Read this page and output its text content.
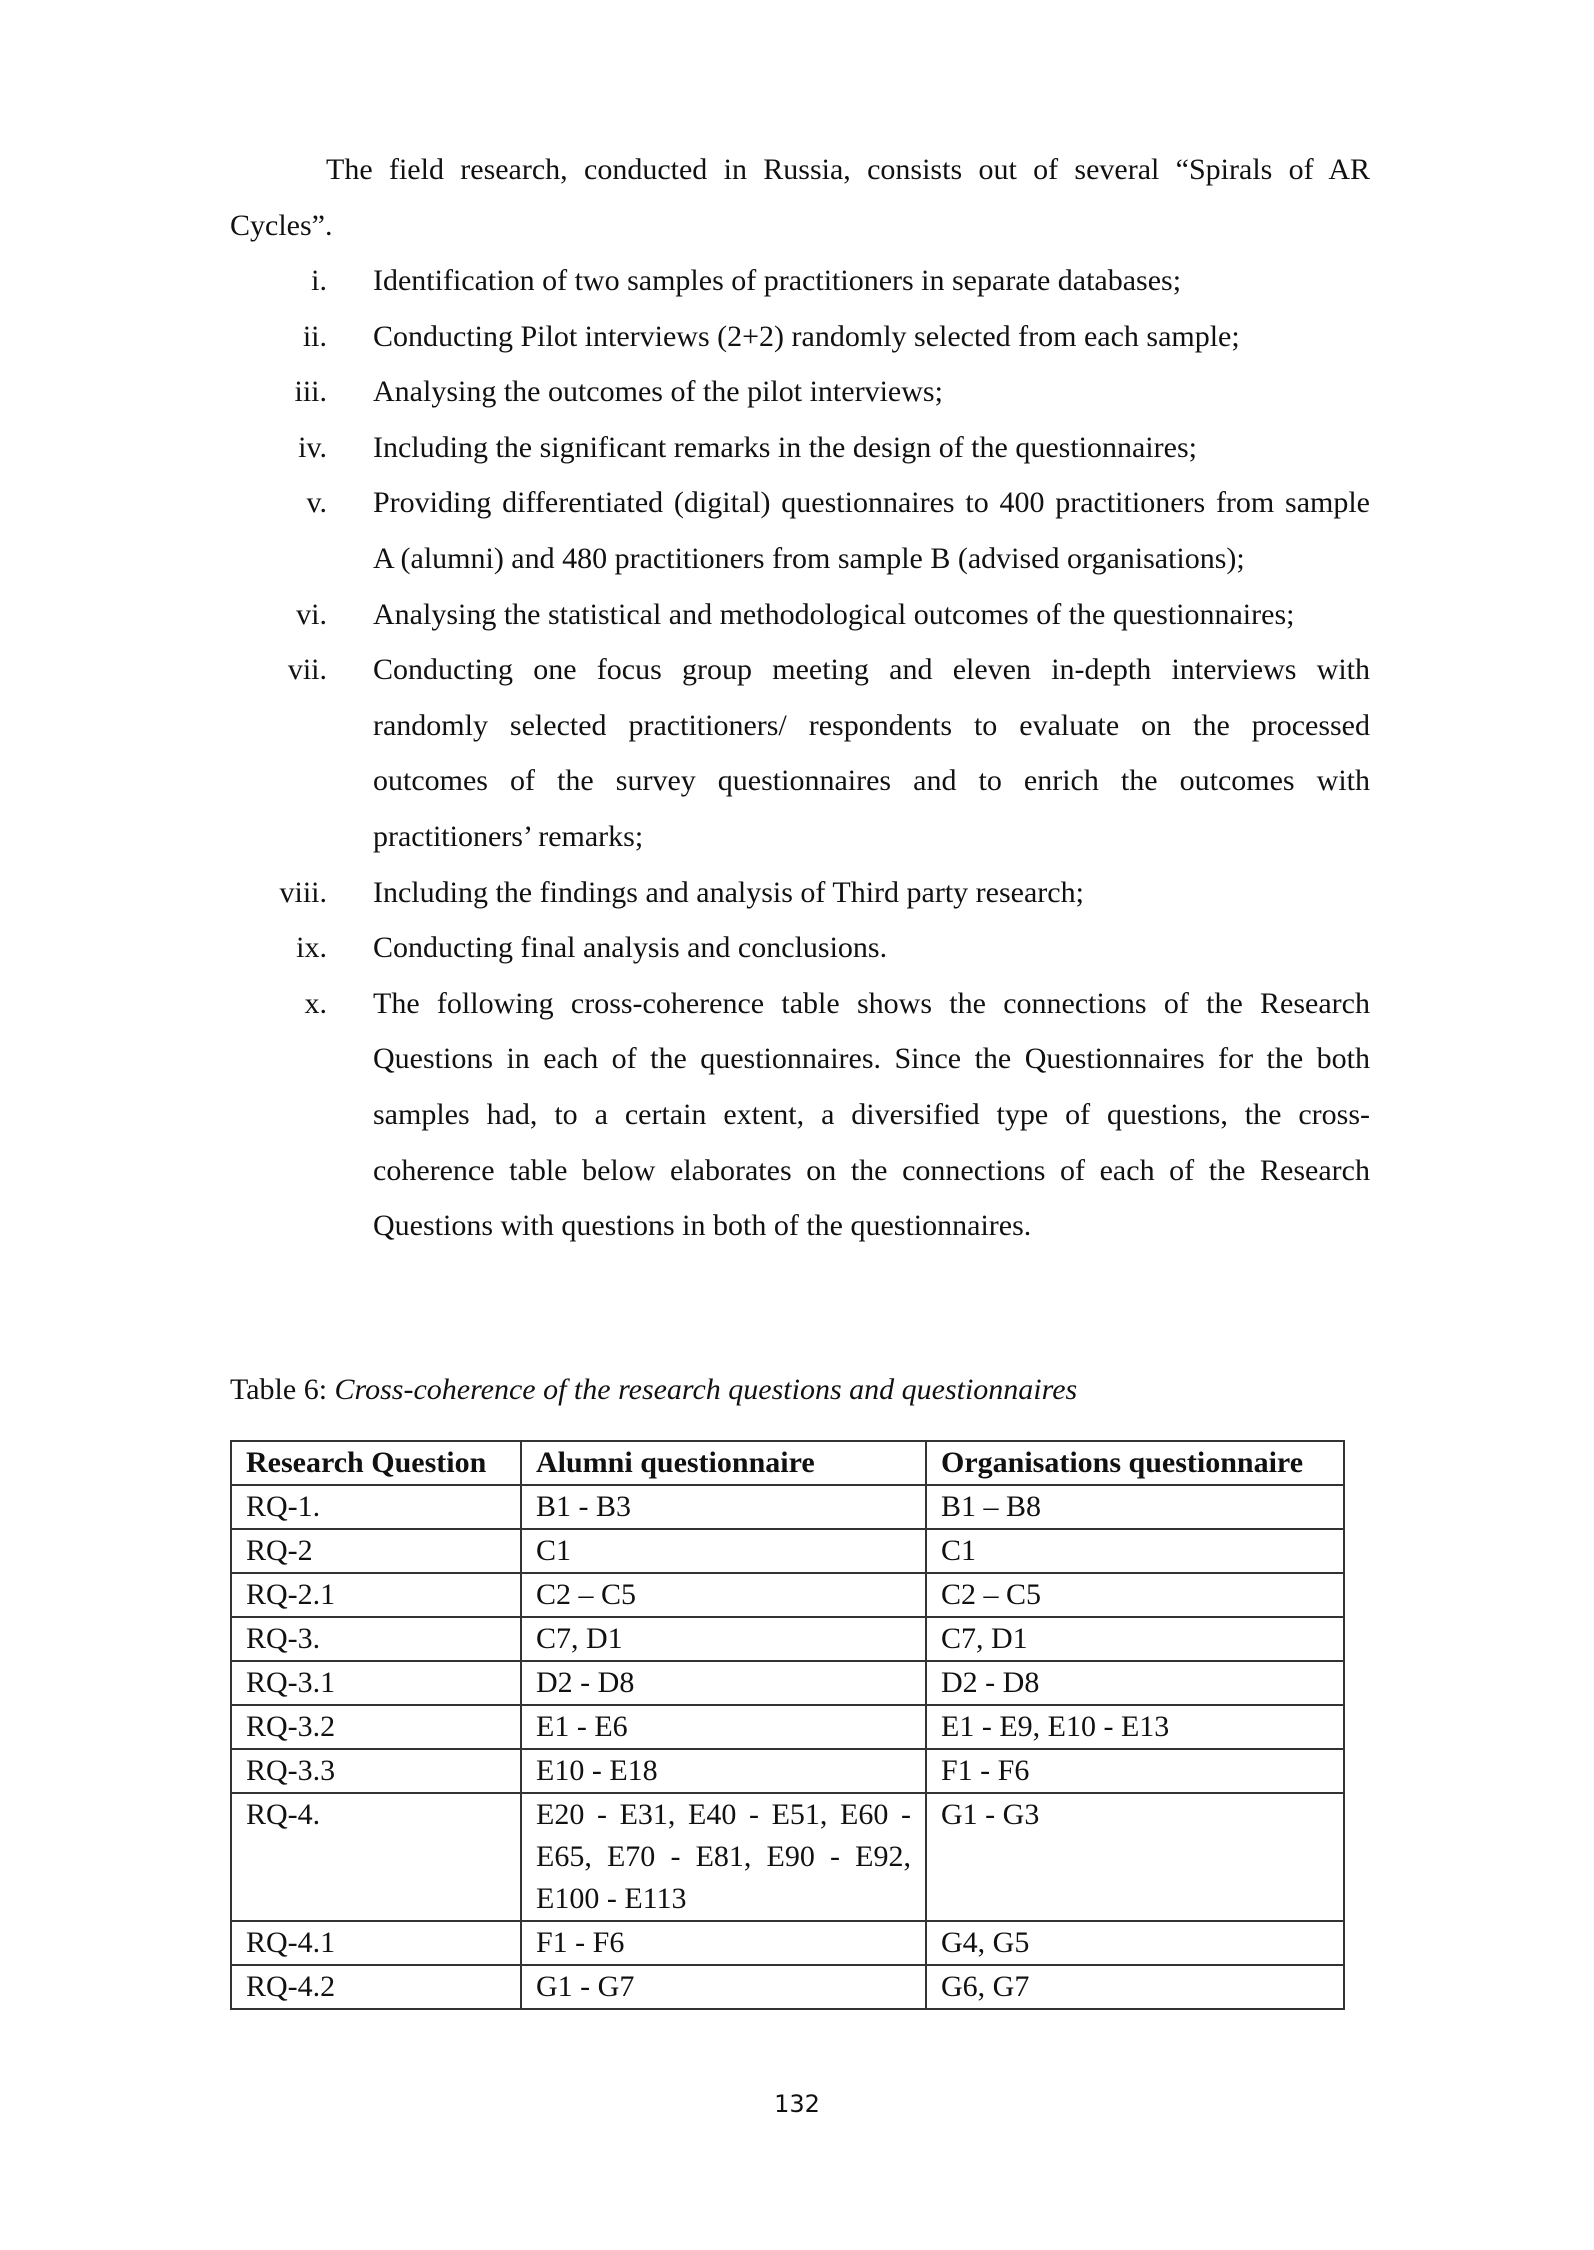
The field research, conducted in Russia, consists out of several “Spirals of AR Cycles”.
i. Identification of two samples of practitioners in separate databases;
ii. Conducting Pilot interviews (2+2) randomly selected from each sample;
iii. Analysing the outcomes of the pilot interviews;
iv. Including the significant remarks in the design of the questionnaires;
v. Providing differentiated (digital) questionnaires to 400 practitioners from sample A (alumni) and 480 practitioners from sample B (advised organisations);
vi. Analysing the statistical and methodological outcomes of the questionnaires;
vii. Conducting one focus group meeting and eleven in-depth interviews with randomly selected practitioners/ respondents to evaluate on the processed outcomes of the survey questionnaires and to enrich the outcomes with practitioners’ remarks;
viii. Including the findings and analysis of Third party research;
ix. Conducting final analysis and conclusions.
x. The following cross-coherence table shows the connections of the Research Questions in each of the questionnaires. Since the Questionnaires for the both samples had, to a certain extent, a diversified type of questions, the cross-coherence table below elaborates on the connections of each of the Research Questions with questions in both of the questionnaires.
Table 6: Cross-coherence of the research questions and questionnaires
Research Question	Alumni questionnaire	Organisations questionnaire
RQ-1.	B1 - B3	B1 – B8
RQ-2	C1	C1
RQ-2.1	C2 – C5	C2 – C5
RQ-3.	C7, D1	C7, D1
RQ-3.1	D2 - D8	D2 - D8
RQ-3.2	E1 - E6	E1 - E9, E10 - E13
RQ-3.3	E10 - E18	F1 - F6
RQ-4.	E20 - E31, E40 - E51, E60 - E65, E70 - E81, E90 - E92, E100 - E113	G1 - G3
RQ-4.1	F1 - F6	G4, G5
RQ-4.2	G1 - G7	G6, G7
132
